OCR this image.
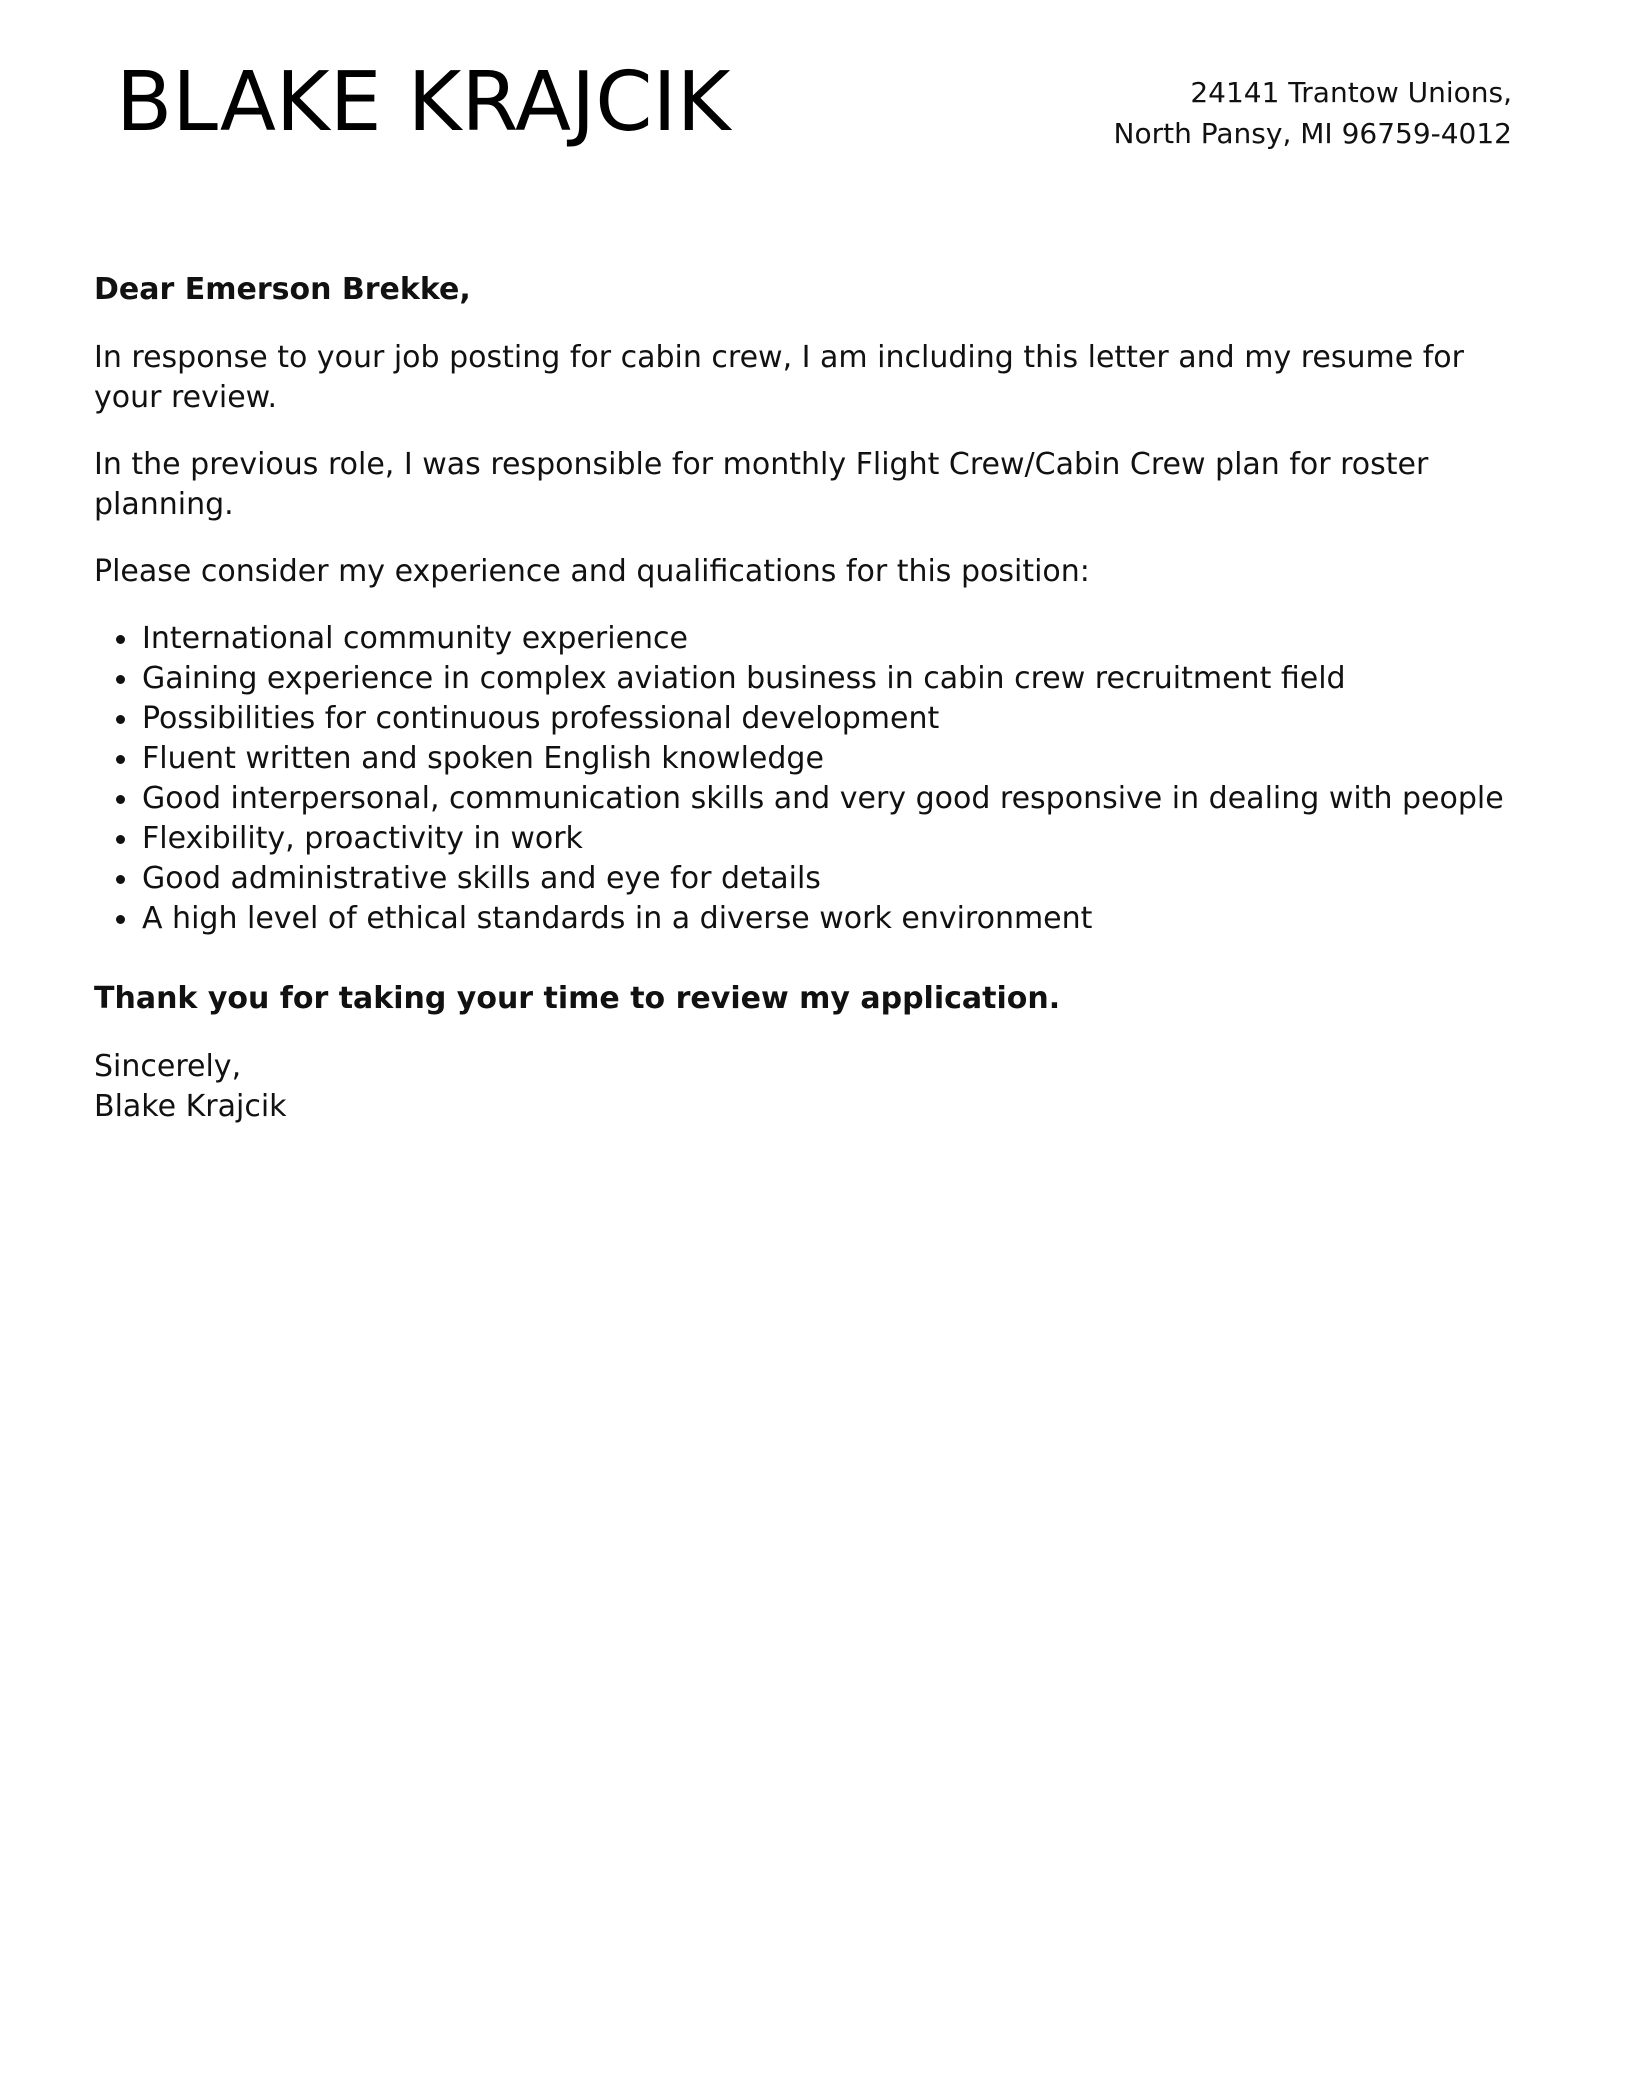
BLAKE KRAJCIK	24141 Trantow Unions,
North Pansy, MI 96759-4012

Dear Emerson Brekke,

In response to your job posting for cabin crew, I am including this letter and my resume for your review.

In the previous role, I was responsible for monthly Flight Crew/Cabin Crew plan for roster planning.

Please consider my experience and qualifications for this position:

International community experience
Gaining experience in complex aviation business in cabin crew recruitment field
Possibilities for continuous professional development
Fluent written and spoken English knowledge
Good interpersonal, communication skills and very good responsive in dealing with people
Flexibility, proactivity in work
Good administrative skills and eye for details
A high level of ethical standards in a diverse work environment

Thank you for taking your time to review my application.

Sincerely,
Blake Krajcik
